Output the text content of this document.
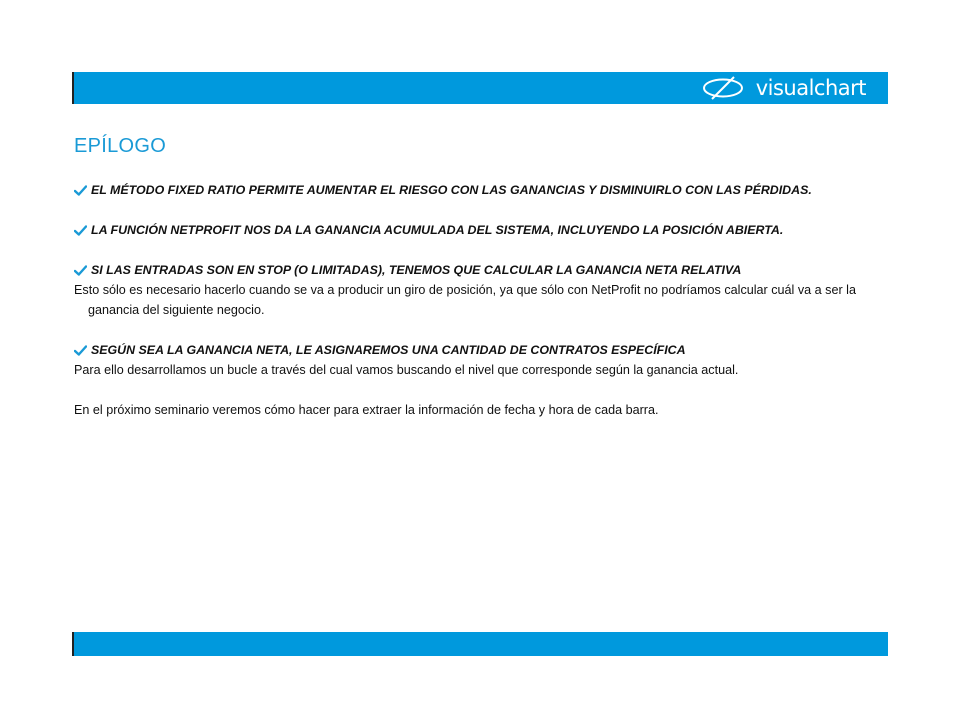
visualchart
EPÍLOGO
EL MÉTODO FIXED RATIO PERMITE AUMENTAR EL RIESGO CON LAS GANANCIAS Y DISMINUIRLO CON LAS PÉRDIDAS.
LA FUNCIÓN NETPROFIT NOS DA LA GANANCIA ACUMULADA DEL SISTEMA, INCLUYENDO LA POSICIÓN ABIERTA.
SI LAS ENTRADAS SON EN STOP (O LIMITADAS), TENEMOS QUE CALCULAR LA GANANCIA NETA RELATIVA

Esto sólo es necesario hacerlo cuando se va a producir un giro de posición, ya que sólo con NetProfit no podríamos calcular cuál va a ser la ganancia del siguiente negocio.

SEGÚN SEA LA GANANCIA NETA, LE ASIGNAREMOS UNA CANTIDAD DE CONTRATOS ESPECÍFICA

Para ello desarrollamos un bucle a través del cual vamos buscando el nivel que corresponde según la ganancia actual.

En el próximo seminario veremos cómo hacer para extraer la información de fecha y hora de cada barra.
